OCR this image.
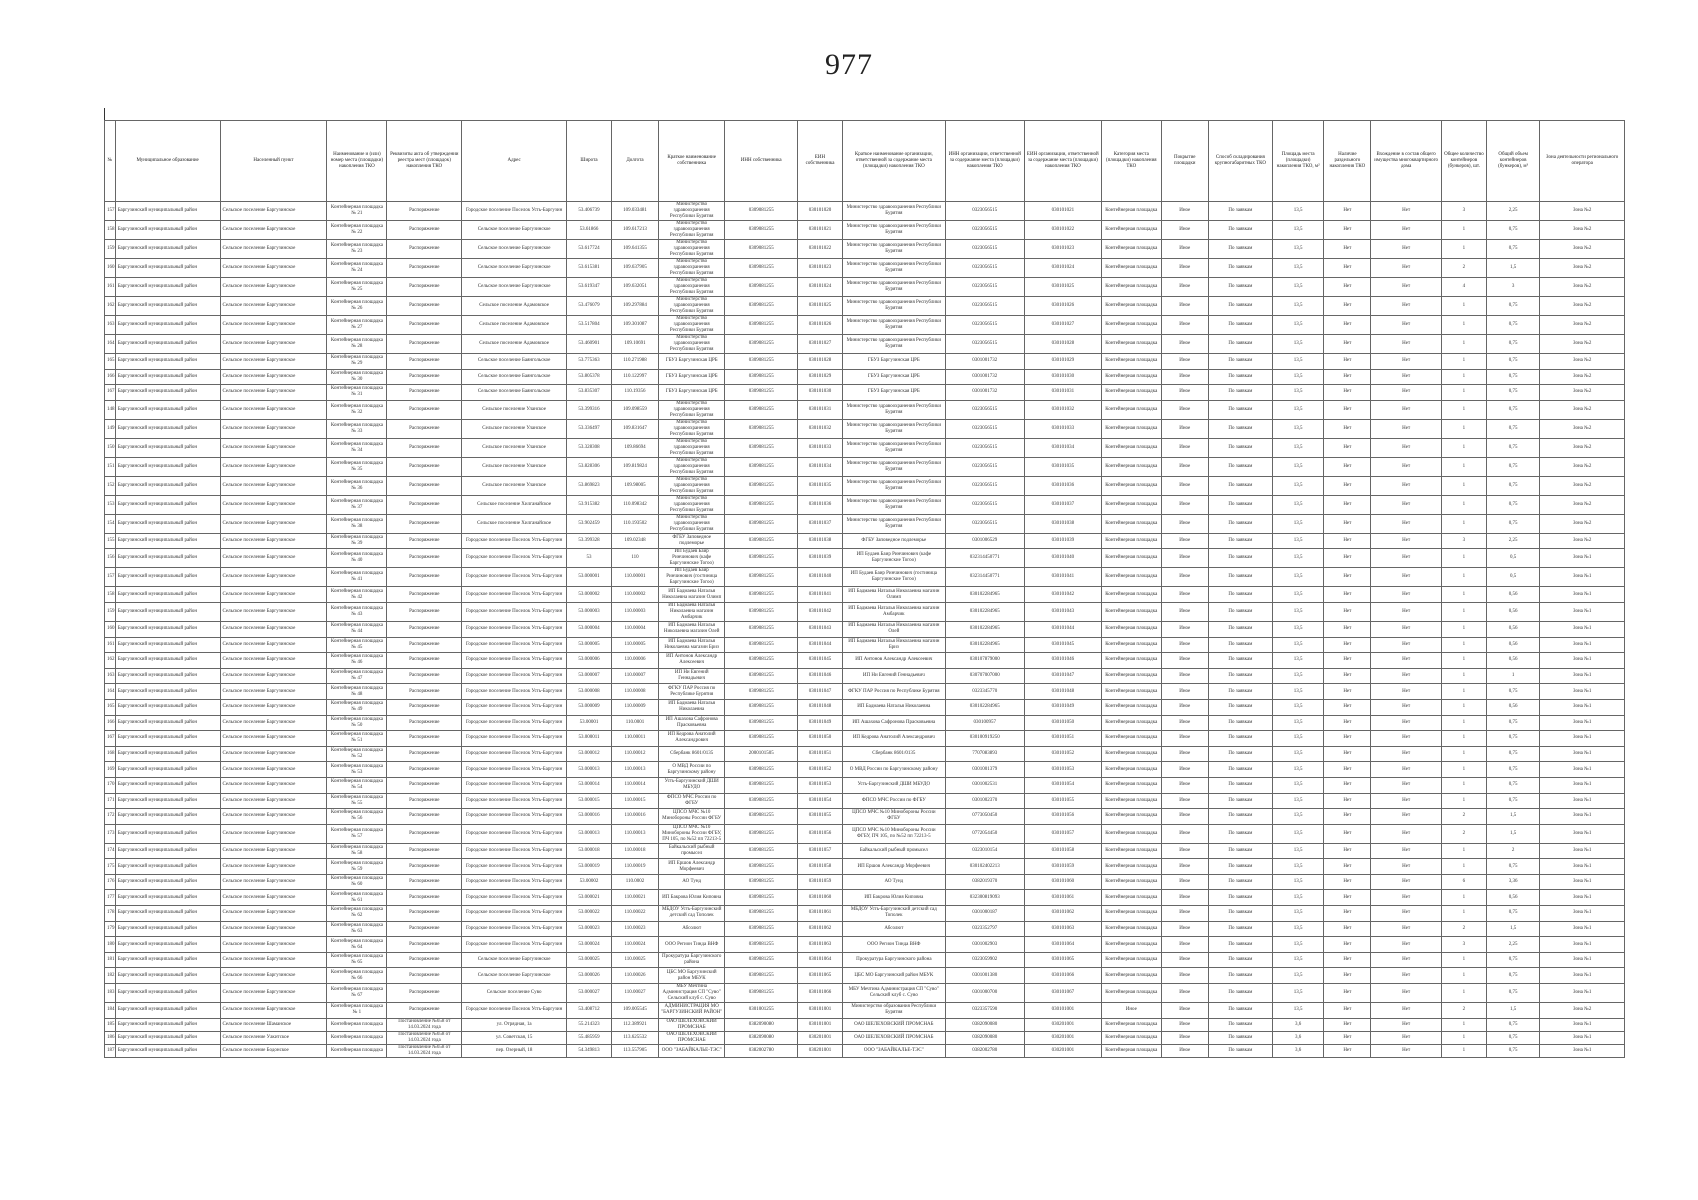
977
№	Муниципальное образование	Населенный пункт	Наименование и (или) номер места (площадки) накопления ТКО	Реквизиты акта об утверждении реестра мест (площадок) накопления ТКО	Адрес	Широта	Долгота	Краткое наименование собственника	ИНН собственника	ЕИН собственника	Краткое наименование организации, ответственной за содержание места (площадки) накопления ТКО	ИНН организации, ответственной за содержание места (площадки) накопления ТКО	ЕИН организации, ответственной за содержание места (площадки) накопления ТКО	Категория места (площадки) накопления ТКО	Покрытие площадки	Способ складирования крупногабаритных ТКО	Площадь места (площадки) накопления ТКО, м²	Наличие раздельного накопления ТКО	Вхождение в состав общего имущества многоквартирного дома	Общее количество контейнеров (бункеров), шт.	Общий объем контейнеров (бункеров), м³	Зона деятельности регионального оператора
157	Баргузинский муниципальный район	Сельское поселение Баргузинское	Контейнерная площадка № 21	Распоряжение	Городское поселение Поселок Усть-Баргузин	53.406739	109.033481	Министерство здравоохранения Республики Бурятия	0309081255	030101020	Министерство здравоохранения Республики Бурятия	0323056515	030101021	Контейнерная площадка	Иное	По заявкам	13,5	Нет	Нет	3	2,25	Зона №2
158	Баргузинский муниципальный район	Сельское поселение Баргузинское	Контейнерная площадка № 22	Распоряжение	Сельское поселение Баргузинское	53.61866	109.617213	Министерство здравоохранения Республики Бурятия	0309081255	030101021	Министерство здравоохранения Республики Бурятия	0323056515	030101022	Контейнерная площадка	Иное	По заявкам	13,5	Нет	Нет	1	0,75	Зона №2
159	Баргузинский муниципальный район	Сельское поселение Баргузинское	Контейнерная площадка № 23	Распоряжение	Сельское поселение Баргузинское	53.617724	109.641355	Министерство здравоохранения Республики Бурятия	0309081255	030101022	Министерство здравоохранения Республики Бурятия	0323056515	030101023	Контейнерная площадка	Иное	По заявкам	13,5	Нет	Нет	1	0,75	Зона №2
160	Баргузинский муниципальный район	Сельское поселение Баргузинское	Контейнерная площадка № 24	Распоряжение	Сельское поселение Баргузинское	53.615381	109.637905	Министерство здравоохранения Республики Бурятия	0309081255	030101023	Министерство здравоохранения Республики Бурятия	0323056515	030101024	Контейнерная площадка	Иное	По заявкам	13,5	Нет	Нет	2	1,5	Зона №2
161	Баргузинский муниципальный район	Сельское поселение Баргузинское	Контейнерная площадка № 25	Распоряжение	Сельское поселение Баргузинское	53.619347	109.632051	Министерство здравоохранения Республики Бурятия	0309081255	030101024	Министерство здравоохранения Республики Бурятия	0323056515	030101025	Контейнерная площадка	Иное	По заявкам	13,5	Нет	Нет	4	3	Зона №2
162	Баргузинский муниципальный район	Сельское поселение Баргузинское	Контейнерная площадка № 26	Распоряжение	Сельское поселение Адамовское	53.476079	109.297884	Министерство здравоохранения Республики Бурятия	0309081255	030101025	Министерство здравоохранения Республики Бурятия	0323056515	030101026	Контейнерная площадка	Иное	По заявкам	13,5	Нет	Нет	1	0,75	Зона №2
163	Баргузинский муниципальный район	Сельское поселение Баргузинское	Контейнерная площадка № 27	Распоряжение	Сельское поселение Адамовское	53.517804	109.301087	Министерство здравоохранения Республики Бурятия	0309081255	030101026	Министерство здравоохранения Республики Бурятия	0323056515	030101027	Контейнерная площадка	Иное	По заявкам	13,5	Нет	Нет	1	0,75	Зона №2
164	Баргузинский муниципальный район	Сельское поселение Баргузинское	Контейнерная площадка № 28	Распоряжение	Сельское поселение Адамовское	53.460901	109.10691	Министерство здравоохранения Республики Бурятия	0309081255	030101027	Министерство здравоохранения Республики Бурятия	0323056515	030101028	Контейнерная площадка	Иное	По заявкам	13,5	Нет	Нет	1	0,75	Зона №2
165	Баргузинский муниципальный район	Сельское поселение Баргузинское	Контейнерная площадка № 29	Распоряжение	Сельское поселение Баянгольское	53.775363	110.271988	ГБУЗ Баргузинская ЦРБ	0309081255	030101028	ГБУЗ Баргузинская ЦРБ	0301001732	030101029	Контейнерная площадка	Иное	По заявкам	13,5	Нет	Нет	1	0,75	Зона №2
166	Баргузинский муниципальный район	Сельское поселение Баргузинское	Контейнерная площадка № 30	Распоряжение	Сельское поселение Баянгольское	53.805378	110.122997	ГБУЗ Баргузинская ЦРБ	0309081255	030101029	ГБУЗ Баргузинская ЦРБ	0301001732	030101030	Контейнерная площадка	Иное	По заявкам	13,5	Нет	Нет	1	0,75	Зона №2
167	Баргузинский муниципальный район	Сельское поселение Баргузинское	Контейнерная площадка № 31	Распоряжение	Сельское поселение Баянгольское	53.835307	110.19356	ГБУЗ Баргузинская ЦРБ	0309081255	030101030	ГБУЗ Баргузинская ЦРБ	0301001732	030101031	Контейнерная площадка	Иное	По заявкам	13,5	Нет	Нет	1	0,75	Зона №2
148	Баргузинский муниципальный район	Сельское поселение Баргузинское	Контейнерная площадка № 32	Распоряжение	Сельское поселение Уланское	53.399316	109.098559	Министерство здравоохранения Республики Бурятия	0309081255	030101031	Министерство здравоохранения Республики Бурятия	0323056515	030101032	Контейнерная площадка	Иное	По заявкам	13,5	Нет	Нет	1	0,75	Зона №2
149	Баргузинский муниципальный район	Сельское поселение Баргузинское	Контейнерная площадка № 33	Распоряжение	Сельское поселение Уланское	53.336497	109.831647	Министерство здравоохранения Республики Бурятия	0309081255	030101032	Министерство здравоохранения Республики Бурятия	0323056515	030101033	Контейнерная площадка	Иное	По заявкам	13,5	Нет	Нет	1	0,75	Зона №2
150	Баргузинский муниципальный район	Сельское поселение Баргузинское	Контейнерная площадка № 34	Распоряжение	Сельское поселение Уланское	53.328308	109.86694	Министерство здравоохранения Республики Бурятия	0309081255	030101033	Министерство здравоохранения Республики Бурятия	0323056515	030101034	Контейнерная площадка	Иное	По заявкам	13,5	Нет	Нет	1	0,75	Зона №2
151	Баргузинский муниципальный район	Сельское поселение Баргузинское	Контейнерная площадка № 35	Распоряжение	Сельское поселение Уланское	53.828306	109.819824	Министерство здравоохранения Республики Бурятия	0309081255	030101034	Министерство здравоохранения Республики Бурятия	0323056515	030101035	Контейнерная площадка	Иное	По заявкам	13,5	Нет	Нет	1	0,75	Зона №2
152	Баргузинский муниципальный район	Сельское поселение Баргузинское	Контейнерная площадка № 36	Распоряжение	Сельское поселение Уланское	53.869823	109.98005	Министерство здравоохранения Республики Бурятия	0309081255	030101035	Министерство здравоохранения Республики Бурятия	0323056515	030101036	Контейнерная площадка	Иное	По заявкам	13,5	Нет	Нет	1	0,75	Зона №2
153	Баргузинский муниципальный район	Сельское поселение Баргузинское	Контейнерная площадка № 37	Распоряжение	Сельское поселение Хилганайское	53.915382	110.098342	Министерство здравоохранения Республики Бурятия	0309081255	030101036	Министерство здравоохранения Республики Бурятия	0323056515	030101037	Контейнерная площадка	Иное	По заявкам	13,5	Нет	Нет	1	0,75	Зона №2
154	Баргузинский муниципальный район	Сельское поселение Баргузинское	Контейнерная площадка № 38	Распоряжение	Сельское поселение Хилганайское	53.902459	110.193502	Министерство здравоохранения Республики Бурятия	0309081255	030101037	Министерство здравоохранения Республики Бурятия	0323056515	030101038	Контейнерная площадка	Иное	По заявкам	13,5	Нет	Нет	1	0,75	Зона №2
155	Баргузинский муниципальный район	Сельское поселение Баргузинское	Контейнерная площадка № 39	Распоряжение	Городское поселение Поселок Усть-Баргузин	53.399328	109.02348	ФГБУ Заповедное подлеморье	0309081255	030101038	ФГБУ Заповедное подлеморье	0301006529	030101039	Контейнерная площадка	Иное	По заявкам	13,5	Нет	Нет	3	2,25	Зона №2
156	Баргузинский муниципальный район	Сельское поселение Баргузинское	Контейнерная площадка № 40	Распоряжение	Городское поселение Поселок Усть-Баргузин	53	110	ИП Будаев Баир Ринчинович (кафе Баргузинские Тогоо)	0309081255	030101039	ИП Будаев Баир Ринчинович (кафе Баргузинские Тогоо)	032314450771	030101040	Контейнерная площадка	Иное	По заявкам	13,5	Нет	Нет	1	0,5	Зона №1
157	Баргузинский муниципальный район	Сельское поселение Баргузинское	Контейнерная площадка № 41	Распоряжение	Городское поселение Поселок Усть-Баргузин	53.000001	110.00001	ИП Будаев Баир Ринчинович (гостиница Баргузинские Тогоо)	0309081255	030101040	ИП Будаев Баир Ринчинович (гостиница Баргузинские Тогоо)	032314450771	030101041	Контейнерная площадка	Иное	По заявкам	13,5	Нет	Нет	1	0,5	Зона №1
158	Баргузинский муниципальный район	Сельское поселение Баргузинское	Контейнерная площадка № 42	Распоряжение	Городское поселение Поселок Усть-Баргузин	53.000002	110.00002	ИП Бадмаева Наталья Николаевна магазин Олимп	0309081255	030101041	ИП Бадмаева Наталья Николаевна магазин Олимп	030102284965	030101042	Контейнерная площадка	Иное	По заявкам	13,5	Нет	Нет	1	0,56	Зона №1
159	Баргузинский муниципальный район	Сельское поселение Баргузинское	Контейнерная площадка № 43	Распоряжение	Городское поселение Поселок Усть-Баргузин	53.000003	110.00003	ИП Бадмаева Наталья Николаевна магазин Амбарчик	0309081255	030101042	ИП Бадмаева Наталья Николаевна магазин Амбарчик	030102284965	030101043	Контейнерная площадка	Иное	По заявкам	13,5	Нет	Нет	1	0,56	Зона №1
160	Баргузинский муниципальный район	Сельское поселение Баргузинское	Контейнерная площадка № 44	Распоряжение	Городское поселение Поселок Усть-Баргузин	53.000004	110.00004	ИП Бадмаева Наталья Николаевна магазин Олей	0309081255	030101043	ИП Бадмаева Наталья Николаевна магазин Олей	030102284965	030101044	Контейнерная площадка	Иное	По заявкам	13,5	Нет	Нет	1	0,56	Зона №1
161	Баргузинский муниципальный район	Сельское поселение Баргузинское	Контейнерная площадка № 45	Распоряжение	Городское поселение Поселок Усть-Баргузин	53.000005	110.00005	ИП Бадмаева Наталья Николаевна магазин Бриз	0309081255	030101044	ИП Бадмаева Наталья Николаевна магазин Бриз	030102284965	030101045	Контейнерная площадка	Иное	По заявкам	13,5	Нет	Нет	1	0,56	Зона №1
162	Баргузинский муниципальный район	Сельское поселение Баргузинское	Контейнерная площадка № 46	Распоряжение	Городское поселение Поселок Усть-Баргузин	53.000006	110.00006	ИП Антонов Александр Алексеевич	0309081255	030101045	ИП Антонов Александр Алексеевич	030107879000	030101046	Контейнерная площадка	Иное	По заявкам	13,5	Нет	Нет	1	0,56	Зона №1
163	Баргузинский муниципальный район	Сельское поселение Баргузинское	Контейнерная площадка № 47	Распоряжение	Городское поселение Поселок Усть-Баргузин	53.000007	110.00007	ИП Ни Евгений Геннадьевич	0309081255	030101046	ИП Ни Евгений Геннадьевич	030707007000	030101047	Контейнерная площадка	Иное	По заявкам	13,5	Нет	Нет	1	1	Зона №1
164	Баргузинский муниципальный район	Сельское поселение Баргузинское	Контейнерная площадка № 48	Распоряжение	Городское поселение Поселок Усть-Баргузин	53.000008	110.00008	ФГКУ ПАР Россия по Республике Бурятия	0309081255	030101047	ФГКУ ПАР Россия по Республике Бурятия	0323345770	030101048	Контейнерная площадка	Иное	По заявкам	13,5	Нет	Нет	1	0,75	Зона №1
165	Баргузинский муниципальный район	Сельское поселение Баргузинское	Контейнерная площадка № 49	Распоряжение	Городское поселение Поселок Усть-Баргузин	53.000009	110.00009	ИП Бадмаева Наталья Николаевна	0309081255	030101048	ИП Бадмаева Наталья Николаевна	030102284965	030101049	Контейнерная площадка	Иное	По заявкам	13,5	Нет	Нет	1	0,56	Зона №1
166	Баргузинский муниципальный район	Сельское поселение Баргузинское	Контейнерная площадка № 50	Распоряжение	Городское поселение Поселок Усть-Баргузин	53.00001	110.0001	ИП Ашахова Сафронова Прасковьевна	0309081255	030101049	ИП Ашахова Сафронова Прасковьевна	030100957	030101050	Контейнерная площадка	Иное	По заявкам	13,5	Нет	Нет	1	0,75	Зона №1
167	Баргузинский муниципальный район	Сельское поселение Баргузинское	Контейнерная площадка № 51	Распоряжение	Городское поселение Поселок Усть-Баргузин	53.000011	110.00011	ИП Кедрова Анатолий Александрович	0309081255	030101050	ИП Кедрова Анатолий Александрович	030100919250	030101051	Контейнерная площадка	Иное	По заявкам	13,5	Нет	Нет	1	0,75	Зона №1
168	Баргузинский муниципальный район	Сельское поселение Баргузинское	Контейнерная площадка № 52	Распоряжение	Городское поселение Поселок Усть-Баргузин	53.000012	110.00012	Сбербанк 8601/0135	2000101505	030101051	Сбербанк 8601/0135	7707083893	030101052	Контейнерная площадка	Иное	По заявкам	13,5	Нет	Нет	1	0,75	Зона №1
169	Баргузинский муниципальный район	Сельское поселение Баргузинское	Контейнерная площадка № 53	Распоряжение	Городское поселение Поселок Усть-Баргузин	53.000013	110.00013	О МВД России по Баргузинскому району	0309081255	030101052	О МВД России по Баргузинскому району	0301001379	030101053	Контейнерная площадка	Иное	По заявкам	13,5	Нет	Нет	1	0,75	Зона №1
170	Баргузинский муниципальный район	Сельское поселение Баргузинское	Контейнерная площадка № 54	Распоряжение	Городское поселение Поселок Усть-Баргузин	53.000014	110.00014	Усть-Баргузинский ДШИ МБУДО	0309081255	030101053	Усть-Баргузинский ДШИ МБУДО	0301002531	030101054	Контейнерная площадка	Иное	По заявкам	13,5	Нет	Нет	1	0,75	Зона №1
171	Баргузинский муниципальный район	Сельское поселение Баргузинское	Контейнерная площадка № 55	Распоряжение	Городское поселение Поселок Усть-Баргузин	53.000015	110.00015	ФПСО МЧС России по ФГБУ	0309081255	030101054	ФПСО МЧС России по ФГБУ	0301002370	030101055	Контейнерная площадка	Иное	По заявкам	13,5	Нет	Нет	1	0,75	Зона №1
172	Баргузинский муниципальный район	Сельское поселение Баргузинское	Контейнерная площадка № 56	Распоряжение	Городское поселение Поселок Усть-Баргузин	53.000016	110.00016	ЦПСО МЧС №10 Минобороны России ФГБУ	0309081255	030101055	ЦПСО МЧС №10 Минобороны России ФГБУ	0773050450	030101056	Контейнерная площадка	Иное	По заявкам	13,5	Нет	Нет	2	1,5	Зона №1
173	Баргузинский муниципальный район	Сельское поселение Баргузинское	Контейнерная площадка № 57	Распоряжение	Городское поселение Поселок Усть-Баргузин	53.000013	110.00013	ЦПСО МЧС №10 Минобороны России ФГБУ, ПЧ 105, по №52 пп 72213-5	0309081255	030101056	ЦПСО МЧС №10 Минобороны России ФГБУ, ПЧ 105, по №52 пп 72213-5	0772054450	030101057	Контейнерная площадка	Иное	По заявкам	13,5	Нет	Нет	2	1,5	Зона №1
174	Баргузинский муниципальный район	Сельское поселение Баргузинское	Контейнерная площадка № 58	Распоряжение	Городское поселение Поселок Усть-Баргузин	53.000018	110.00018	Байкальский рыбный промысел	0309081255	030101057	Байкальский рыбный промысел	0323010154	030101058	Контейнерная площадка	Иное	По заявкам	13,5	Нет	Нет	1	2	Зона №1
175	Баргузинский муниципальный район	Сельское поселение Баргузинское	Контейнерная площадка № 59	Распоряжение	Городское поселение Поселок Усть-Баргузин	53.000019	110.00019	ИП Ершов Александр Морфеевич	0309081255	030101058	ИП Ершов Александр Морфеевич	030102402213	030101059	Контейнерная площадка	Иное	По заявкам	13,5	Нет	Нет	1	0,75	Зона №1
176	Баргузинский муниципальный район	Сельское поселение Баргузинское	Контейнерная площадка № 60	Распоряжение	Городское поселение Поселок Усть-Баргузин	53.00002	110.0002	АО Тунд	0309081255	030101059	АО Тунд	0382019370	030101060	Контейнерная площадка	Иное	По заявкам	13,5	Нет	Нет	6	3,36	Зона №1
177	Баргузинский муниципальный район	Сельское поселение Баргузинское	Контейнерная площадка № 61	Распоряжение	Городское поселение Поселок Усть-Баргузин	53.000021	110.00021	ИП Бакрова Юлия Киповна	0309081255	030101060	ИП Бакрова Юлия Киповна	032300819093	030101061	Контейнерная площадка	Иное	По заявкам	13,5	Нет	Нет	1	0,56	Зона №1
178	Баргузинский муниципальный район	Сельское поселение Баргузинское	Контейнерная площадка № 62	Распоряжение	Городское поселение Поселок Усть-Баргузин	53.000022	110.00022	МБДОУ Усть-Баргузинский детский сад Тополек	0309081255	030101061	МБДОУ Усть-Баргузинский детский сад Тополек	0301000187	030101062	Контейнерная площадка	Иное	По заявкам	13,5	Нет	Нет	1	0,75	Зона №1
179	Баргузинский муниципальный район	Сельское поселение Баргузинское	Контейнерная площадка № 63	Распоряжение	Городское поселение Поселок Усть-Баргузин	53.000023	110.00023	Абсолют	0309081255	030101062	Абсолют	0323352797	030101063	Контейнерная площадка	Иное	По заявкам	13,5	Нет	Нет	2	1,5	Зона №1
180	Баргузинский муниципальный район	Сельское поселение Баргузинское	Контейнерная площадка № 64	Распоряжение	Городское поселение Поселок Усть-Баргузин	53.000024	110.00024	ООО Регион Тинда ВНФ	0309081255	030101063	ООО Регион Тинда ВНФ	0301002903	030101064	Контейнерная площадка	Иное	По заявкам	13,5	Нет	Нет	3	2,25	Зона №1
181	Баргузинский муниципальный район	Сельское поселение Баргузинское	Контейнерная площадка № 65	Распоряжение	Сельское поселение Баргузинское	53.000025	110.00025	Прокуратура Баргузинского района	0309081255	030101064	Прокуратура Баргузинского района	0323059902	030101065	Контейнерная площадка	Иное	По заявкам	13,5	Нет	Нет	1	0,75	Зона №1
182	Баргузинский муниципальный район	Сельское поселение Баргузинское	Контейнерная площадка № 66	Распоряжение	Сельское поселение Баргузинское	53.000026	110.00026	ЦБС МО Баргузинский район МБУК	0309081255	030101065	ЦБС МО Баргузинский район МБУК	0301001380	030101066	Контейнерная площадка	Иное	По заявкам	13,5	Нет	Нет	1	0,75	Зона №1
183	Баргузинский муниципальный район	Сельское поселение Баргузинское	Контейнерная площадка № 67	Распоряжение	Сельское поселение Суво	53.000027	110.00027	МБУ Мечтина Администрация СП "Суво" Сельский клуб с. Суво	0309081255	030101066	МБУ Мечтина Администрация СП "Суво" Сельский клуб с. Суво	0301000700	030101067	Контейнерная площадка	Иное	По заявкам	13,5	Нет	Нет	1	0,75	Зона №1
184	Баргузинский муниципальный район	Сельское поселение Баргузинское	Контейнерная площадка № 1	Распоряжение	Городское поселение Поселок Усть-Баргузин	53.408712	109.005545	АДМИНИСТРАЦИЯ МО "БАРГУЗИНСКИЙ РАЙОН"	0301001255	030101001	Министерство образования Республики Бурятия	0323357590	030101001	Иное	Иное	По заявкам	13,5	Нет	Нет	2	1,5	Зона №2
185	Баргузинский муниципальный район	Сельское поселение Шаманское	Контейнерная площадка	Постановление №658 от 14.03.2024 года	ул. Отрядная, 1а	55.214323	112.389921	ОАО ШЕЛЕХОВСКИЙ ПРОМСНАБ	0382090080	030101001	ОАО ШЕЛЕХОВСКИЙ ПРОМСНАБ	0382090080	030201001	Контейнерная площадка	Иное	По заявкам	3,6	Нет	Нет	1	0,75	Зона №1
186	Баргузинский муниципальный район	Сельское поселение Уакитское	Контейнерная площадка	Постановление №658 от 14.03.2024 года	ул. Советская, 15	55.485959	113.625532	ОАО ШЕЛЕХОВСКИЙ ПРОМСНАБ	0382090080	030201001	ОАО ШЕЛЕХОВСКИЙ ПРОМСНАБ	0382090080	030201001	Контейнерная площадка	Иное	По заявкам	3,6	Нет	Нет	1	0,75	Зона №1
187	Баргузинский муниципальный район	Сельское поселение Бодонское	Контейнерная площадка	Постановление №658 от 14.03.2024 года	пер. Озерный, 18	54.349813	113.557905	ООО "ЗАБАЙКАЛЬЕ-ТЭС"	0382002780	030201001	ООО "ЗАБАЙКАЛЬЕ-ТЭС"	0382002780	030201001	Контейнерная площадка	Иное	По заявкам	3,6	Нет	Нет	1	0,75	Зона №1
